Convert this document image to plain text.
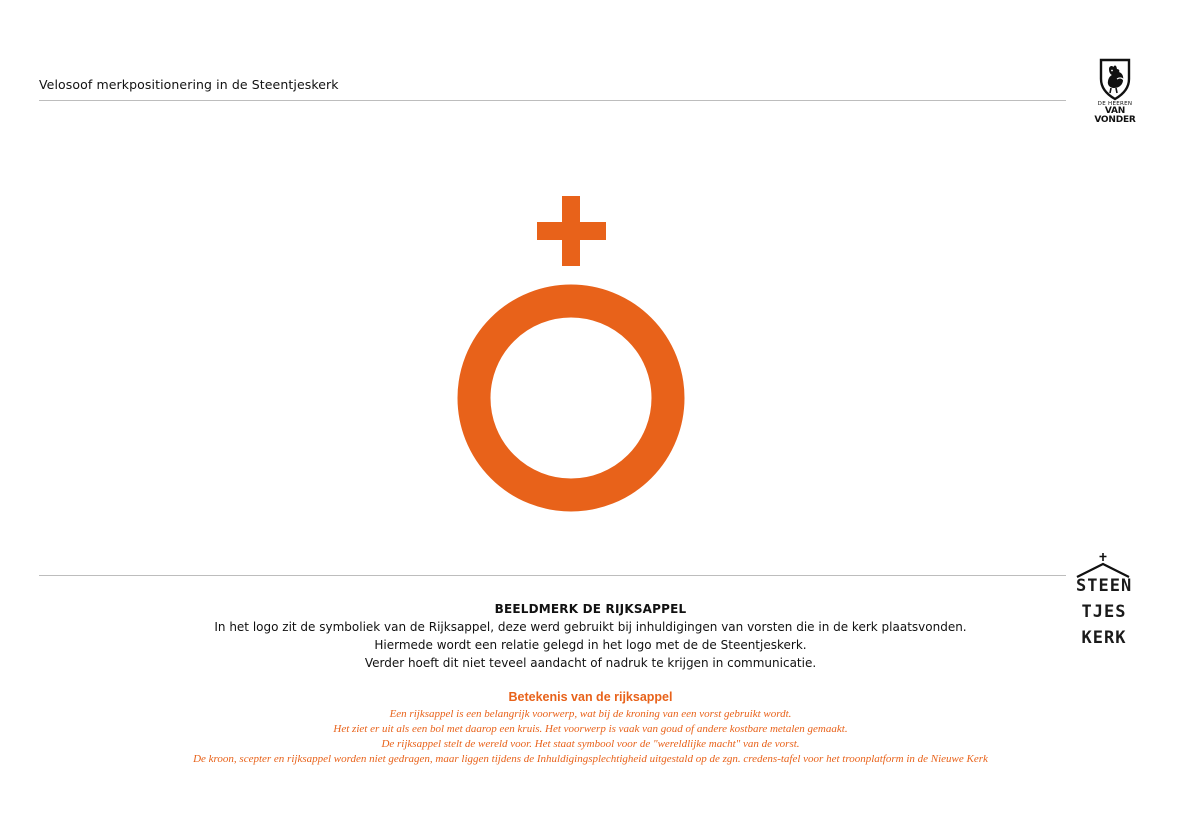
Velosoof merkpositionering in de Steentjeskerk
DE HEEREN
VAN VONDER
STEEN
TJES
KERK
BEELDMERK DE RIJKSAPPEL
In het logo zit de symboliek van de Rijksappel, deze werd gebruikt bij inhuldigingen van vorsten die in de kerk plaatsvonden.
Hiermede wordt een relatie gelegd in het logo met de de Steentjeskerk.
Verder hoeft dit niet teveel aandacht of nadruk te krijgen in communicatie.
Betekenis van de rijksappel
Een rijksappel is een belangrijk voorwerp, wat bij de kroning van een vorst gebruikt wordt.
Het ziet er uit als een bol met daarop een kruis. Het voorwerp is vaak van goud of andere kostbare metalen gemaakt.
De rijksappel stelt de wereld voor. Het staat symbool voor de "wereldlijke macht" van de vorst.
De kroon, scepter en rijksappel worden niet gedragen, maar liggen tijdens de Inhuldigingsplechtigheid uitgestald op de zgn. credens-tafel voor het troonplatform in de Nieuwe Kerk
